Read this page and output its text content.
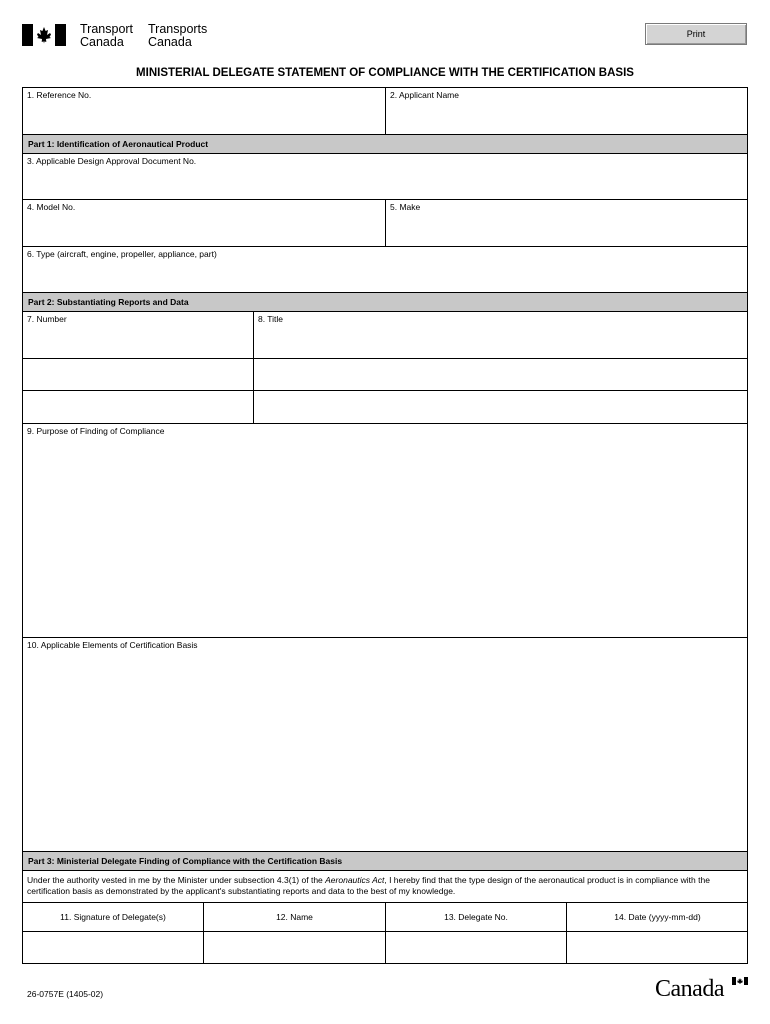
Transport
Canada
Transports
Canada
Print
MINISTERIAL DELEGATE STATEMENT OF COMPLIANCE WITH THE CERTIFICATION BASIS
1. Reference No.	2. Applicant Name
Part 1: Identification of Aeronautical Product
3. Applicable Design Approval Document No.
4. Model No.	5. Make
6. Type (aircraft, engine, propeller, appliance, part)
Part 2: Substantiating Reports and Data
7. Number	8. Title
9. Purpose of Finding of Compliance
10. Applicable Elements of Certification Basis
Part 3: Ministerial Delegate Finding of Compliance with the Certification Basis
Under the authority vested in me by the Minister under subsection 4.3(1) of the Aeronautics Act, I hereby find that the type design of the aeronautical product is in compliance with the certification basis as demonstrated by the applicant's substantiating reports and data to the best of my knowledge.
11. Signature of Delegate(s)	12. Name	13. Delegate No.	14. Date (yyyy-mm-dd)
26-0757E (1405-02)	Canada
